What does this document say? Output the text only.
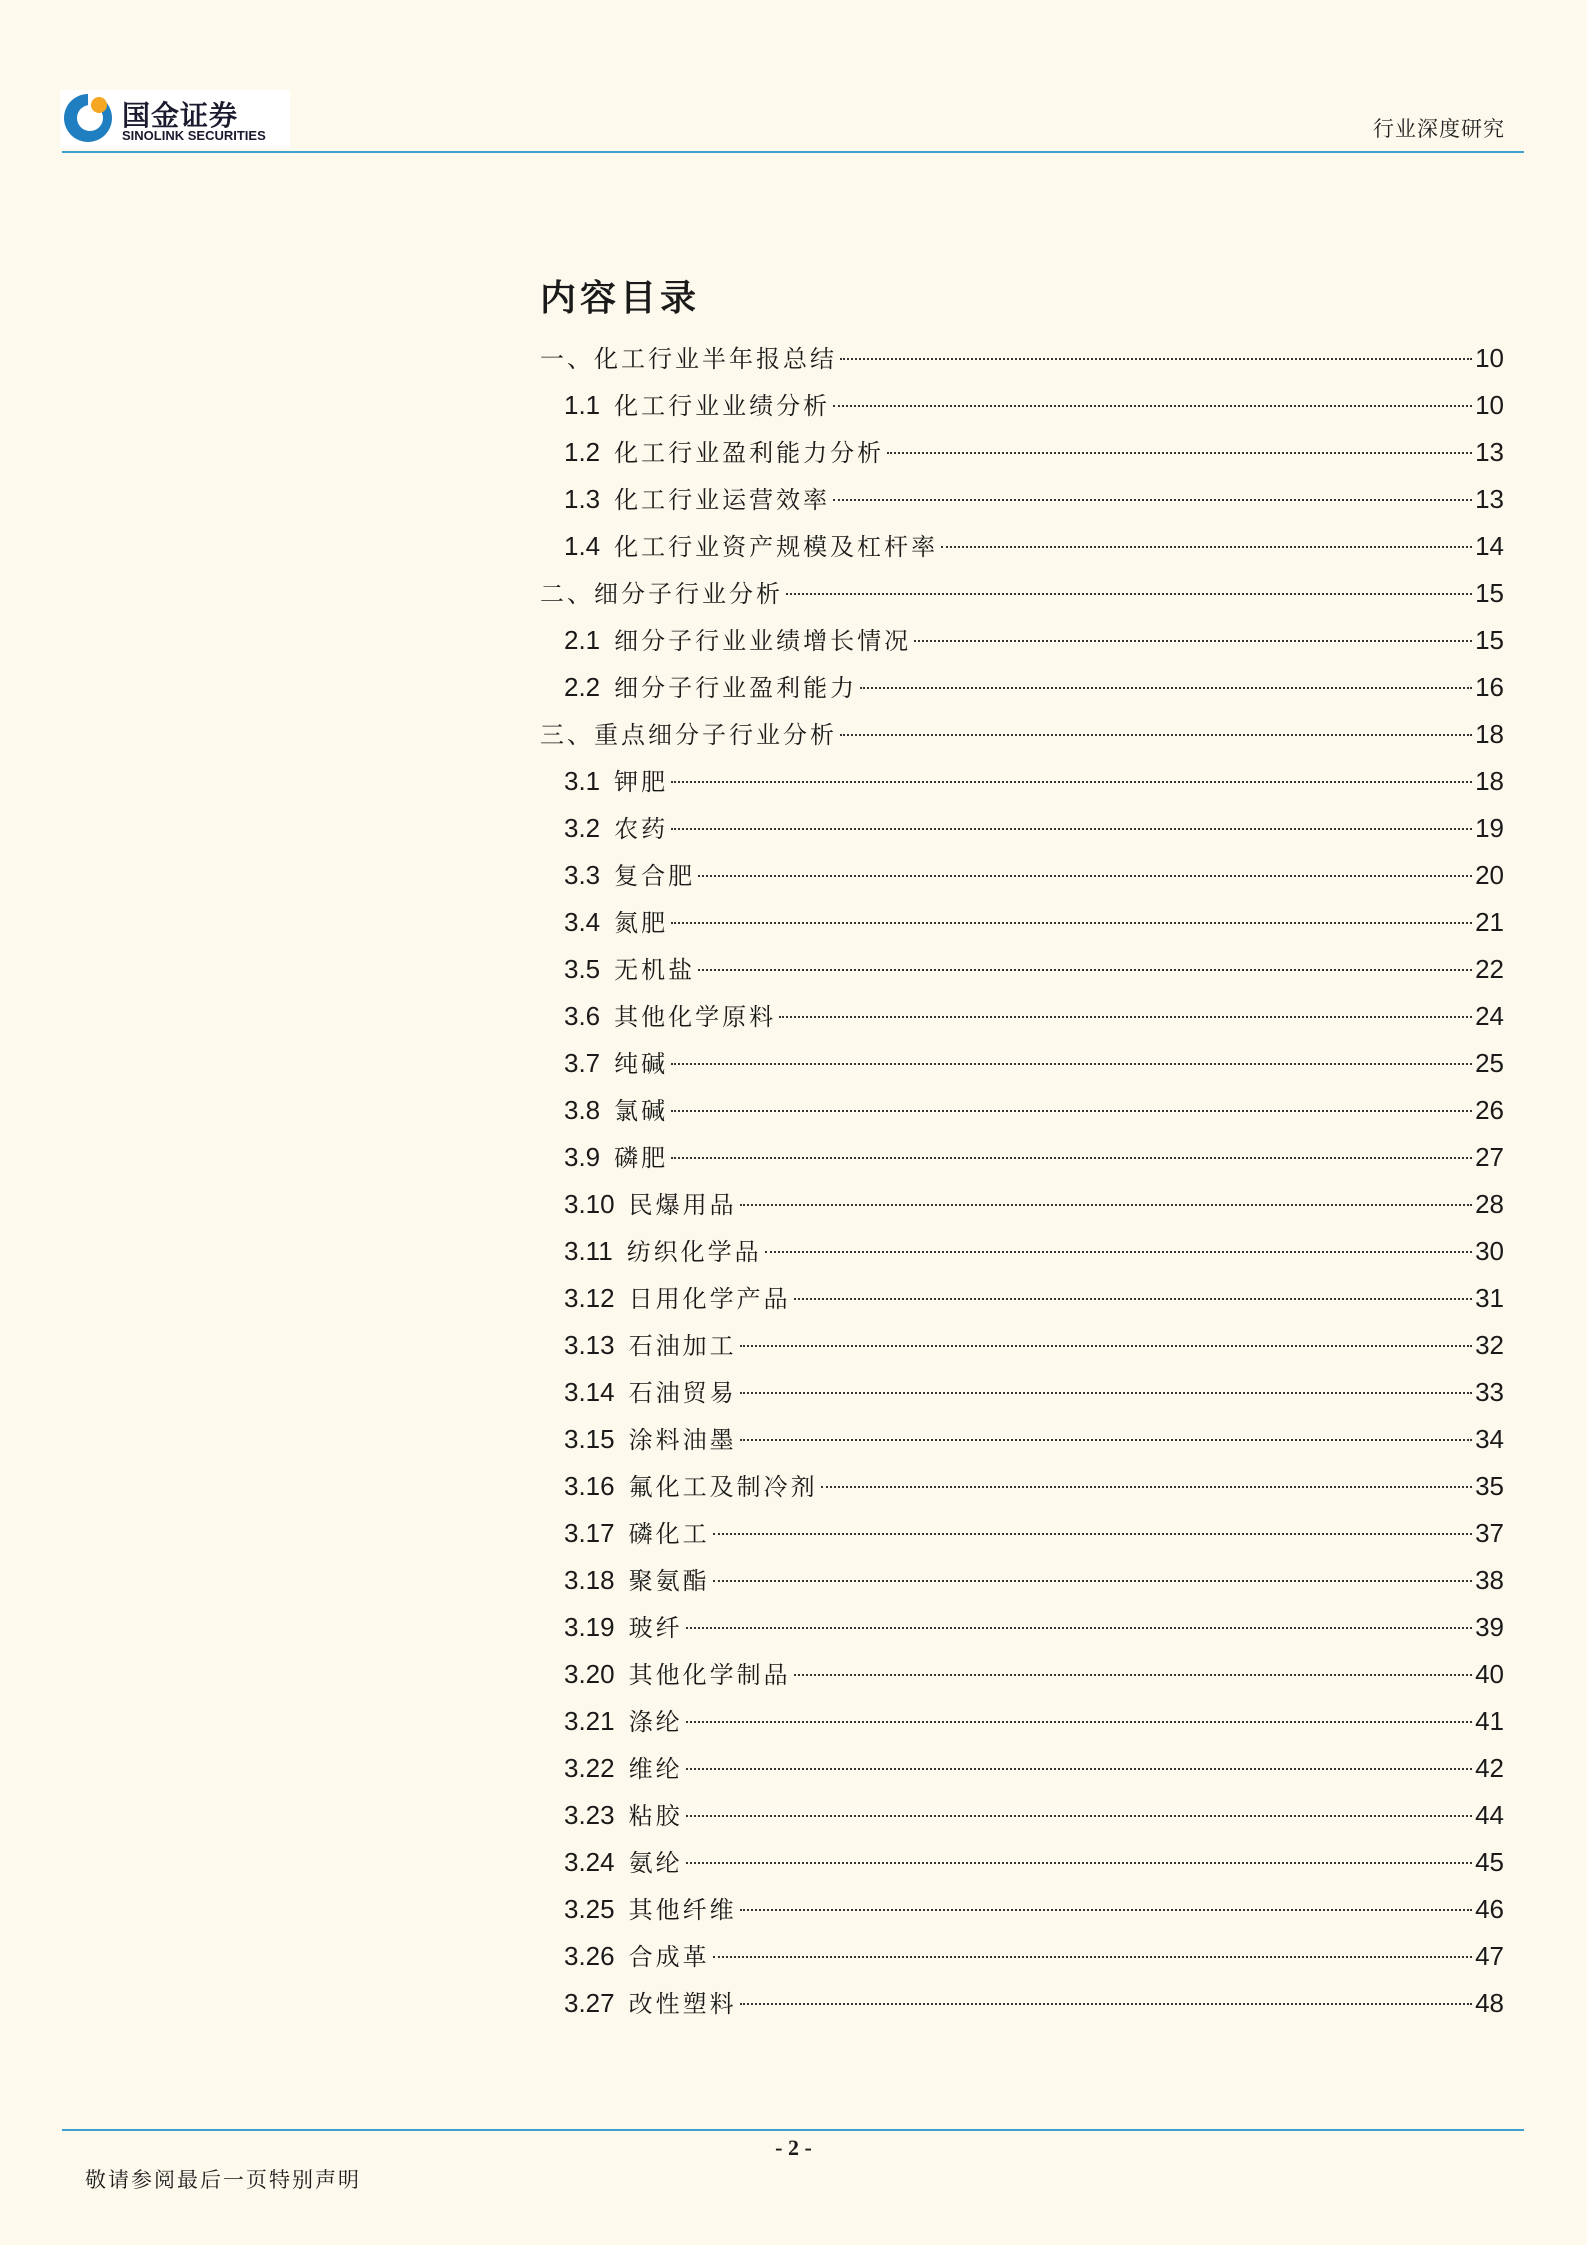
国金证券
SINOLINK SECURITIES	行业深度研究
内容目录
一、化工行业半年报总结	10
1.1 化工行业业绩分析	10
1.2 化工行业盈利能力分析	13
1.3 化工行业运营效率	13
1.4 化工行业资产规模及杠杆率	14
二、细分子行业分析	15
2.1 细分子行业业绩增长情况	15
2.2 细分子行业盈利能力	16
三、重点细分子行业分析	18
3.1 钾肥	18
3.2 农药	19
3.3 复合肥	20
3.4 氮肥	21
3.5 无机盐	22
3.6 其他化学原料	24
3.7 纯碱	25
3.8 氯碱	26
3.9 磷肥	27
3.10 民爆用品	28
3.11 纺织化学品	30
3.12 日用化学产品	31
3.13 石油加工	32
3.14 石油贸易	33
3.15 涂料油墨	34
3.16 氟化工及制冷剂	35
3.17 磷化工	37
3.18 聚氨酯	38
3.19 玻纤	39
3.20 其他化学制品	40
3.21 涤纶	41
3.22 维纶	42
3.23 粘胶	44
3.24 氨纶	45
3.25 其他纤维	46
3.26 合成革	47
3.27 改性塑料	48
- 2 -
敬请参阅最后一页特别声明
